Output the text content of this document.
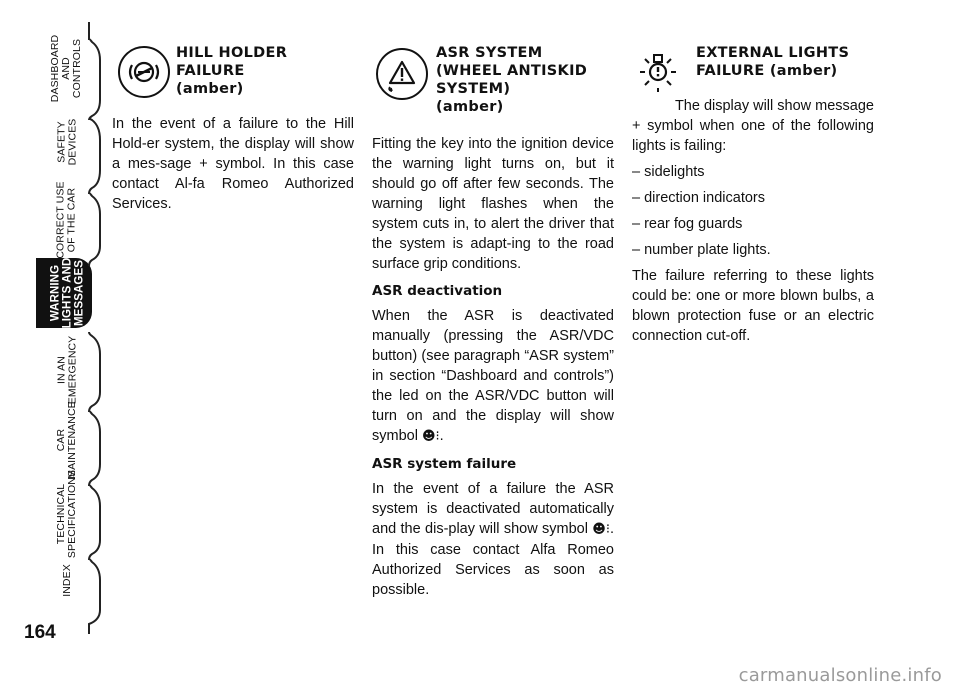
DASHBOARD
AND
CONTROLS
SAFETY
DEVICES
CORRECT USE
OF THE CAR
WARNING
LIGHTS AND
MESSAGES
IN AN
EMERGENCY
CAR
MAINTENANCE
TECHNICAL
SPECIFICATIONS
INDEX
164
HILL HOLDER
FAILURE
(amber)

In the event of a failure to the Hill Hold-er system, the display will show a mes-sage + symbol. In this case contact Al-fa Romeo Authorized Services.

ASR SYSTEM
(WHEEL ANTISKID
SYSTEM)
(amber)

Fitting the key into the ignition device the warning light turns on, but it should go off after few seconds. The warning light flashes when the system cuts in, to alert the driver that the system is adapt-ing to the road surface grip conditions.

ASR deactivation

When the ASR is deactivated manually (pressing the ASR/VDC button) (see paragraph “ASR system” in section “Dashboard and controls”) the led on the ASR/VDC button will turn on and the display will show symbol ☻⁝.

ASR system failure

In the event of a failure the ASR system is deactivated automatically and the dis-play will show symbol ☻⁝. In this case contact Alfa Romeo Authorized Services as soon as possible.

EXTERNAL LIGHTS
FAILURE (amber)
The display will show message

+ symbol when one of the following lights is failing:

– sidelights

– direction indicators

– rear fog guards

– number plate lights.

The failure referring to these lights could be: one or more blown bulbs, a blown protection fuse or an electric connection cut-off.

carmanualsonline.info
